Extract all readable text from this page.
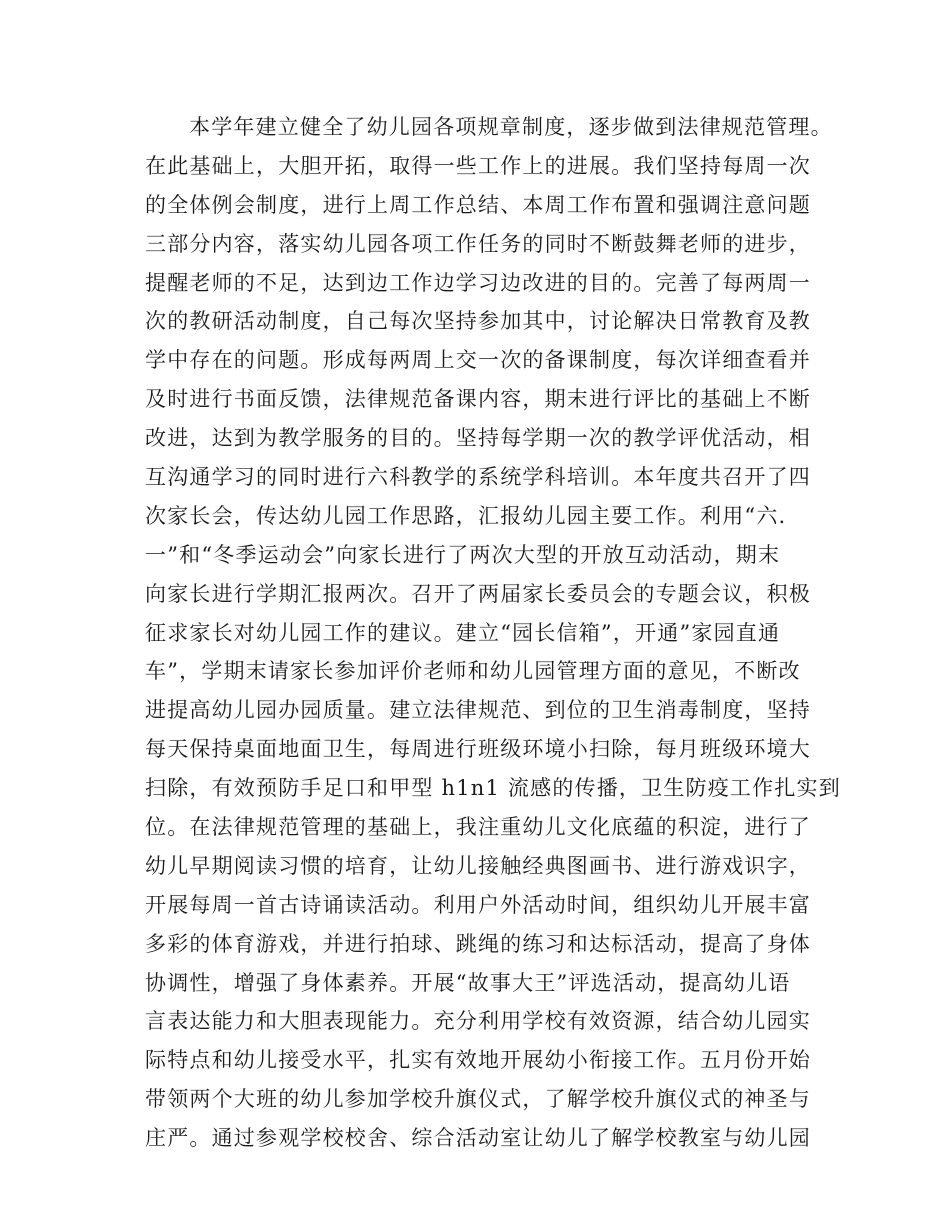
本学年建立健全了幼儿园各项规章制度，逐步做到法律规范管理。
在此基础上，大胆开拓，取得一些工作上的进展。我们坚持每周一次
的全体例会制度，进行上周工作总结、本周工作布置和强调注意问题
三部分内容，落实幼儿园各项工作任务的同时不断鼓舞老师的进步，
提醒老师的不足，达到边工作边学习边改进的目的。完善了每两周一
次的教研活动制度，自己每次坚持参加其中，讨论解决日常教育及教
学中存在的问题。形成每两周上交一次的备课制度，每次详细查看并
及时进行书面反馈，法律规范备课内容，期末进行评比的基础上不断
改进，达到为教学服务的目的。坚持每学期一次的教学评优活动，相
互沟通学习的同时进行六科教学的系统学科培训。本年度共召开了四
次家长会，传达幼儿园工作思路，汇报幼儿园主要工作。利用“六.
一”和“冬季运动会”向家长进行了两次大型的开放互动活动，期末
向家长进行学期汇报两次。召开了两届家长委员会的专题会议，积极
征求家长对幼儿园工作的建议。建立“园长信箱”，开通”家园直通
车”，学期末请家长参加评价老师和幼儿园管理方面的意见，不断改
进提高幼儿园办园质量。建立法律规范、到位的卫生消毒制度，坚持
每天保持桌面地面卫生，每周进行班级环境小扫除，每月班级环境大
扫除，有效预防手足口和甲型 h1n1 流感的传播，卫生防疫工作扎实到
位。在法律规范管理的基础上，我注重幼儿文化底蕴的积淀，进行了
幼儿早期阅读习惯的培育，让幼儿接触经典图画书、进行游戏识字，
开展每周一首古诗诵读活动。利用户外活动时间，组织幼儿开展丰富
多彩的体育游戏，并进行拍球、跳绳的练习和达标活动，提高了身体
协调性，增强了身体素养。开展“故事大王”评选活动，提高幼儿语
言表达能力和大胆表现能力。充分利用学校有效资源，结合幼儿园实
际特点和幼儿接受水平，扎实有效地开展幼小衔接工作。五月份开始
带领两个大班的幼儿参加学校升旗仪式，了解学校升旗仪式的神圣与
庄严。通过参观学校校舍、综合活动室让幼儿了解学校教室与幼儿园
